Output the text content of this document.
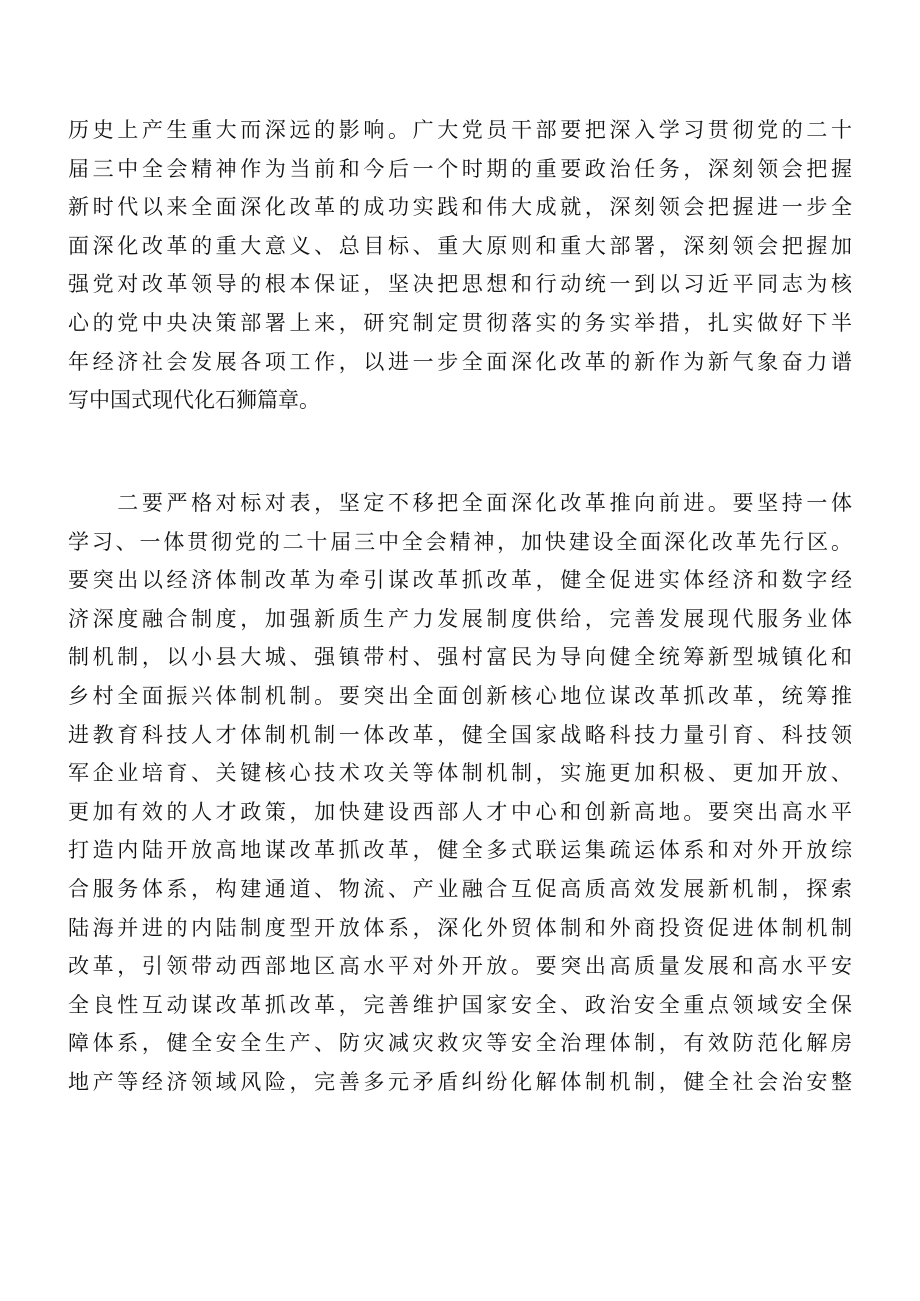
历史上产生重大而深远的影响。广大党员干部要把深入学习贯彻党的二十
届三中全会精神作为当前和今后一个时期的重要政治任务，深刻领会把握
新时代以来全面深化改革的成功实践和伟大成就，深刻领会把握进一步全
面深化改革的重大意义、总目标、重大原则和重大部署，深刻领会把握加
强党对改革领导的根本保证，坚决把思想和行动统一到以习近平同志为核
心的党中央决策部署上来，研究制定贯彻落实的务实举措，扎实做好下半
年经济社会发展各项工作，以进一步全面深化改革的新作为新气象奋力谱
写中国式现代化石狮篇章。
　　二要严格对标对表，坚定不移把全面深化改革推向前进。要坚持一体
学习、一体贯彻党的二十届三中全会精神，加快建设全面深化改革先行区。
要突出以经济体制改革为牵引谋改革抓改革，健全促进实体经济和数字经
济深度融合制度，加强新质生产力发展制度供给，完善发展现代服务业体
制机制，以小县大城、强镇带村、强村富民为导向健全统筹新型城镇化和
乡村全面振兴体制机制。要突出全面创新核心地位谋改革抓改革，统筹推
进教育科技人才体制机制一体改革，健全国家战略科技力量引育、科技领
军企业培育、关键核心技术攻关等体制机制，实施更加积极、更加开放、
更加有效的人才政策，加快建设西部人才中心和创新高地。要突出高水平
打造内陆开放高地谋改革抓改革，健全多式联运集疏运体系和对外开放综
合服务体系，构建通道、物流、产业融合互促高质高效发展新机制，探索
陆海并进的内陆制度型开放体系，深化外贸体制和外商投资促进体制机制
改革，引领带动西部地区高水平对外开放。要突出高质量发展和高水平安
全良性互动谋改革抓改革，完善维护国家安全、政治安全重点领域安全保
障体系，健全安全生产、防灾减灾救灾等安全治理体制，有效防范化解房
地产等经济领域风险，完善多元矛盾纠纷化解体制机制，健全社会治安整
